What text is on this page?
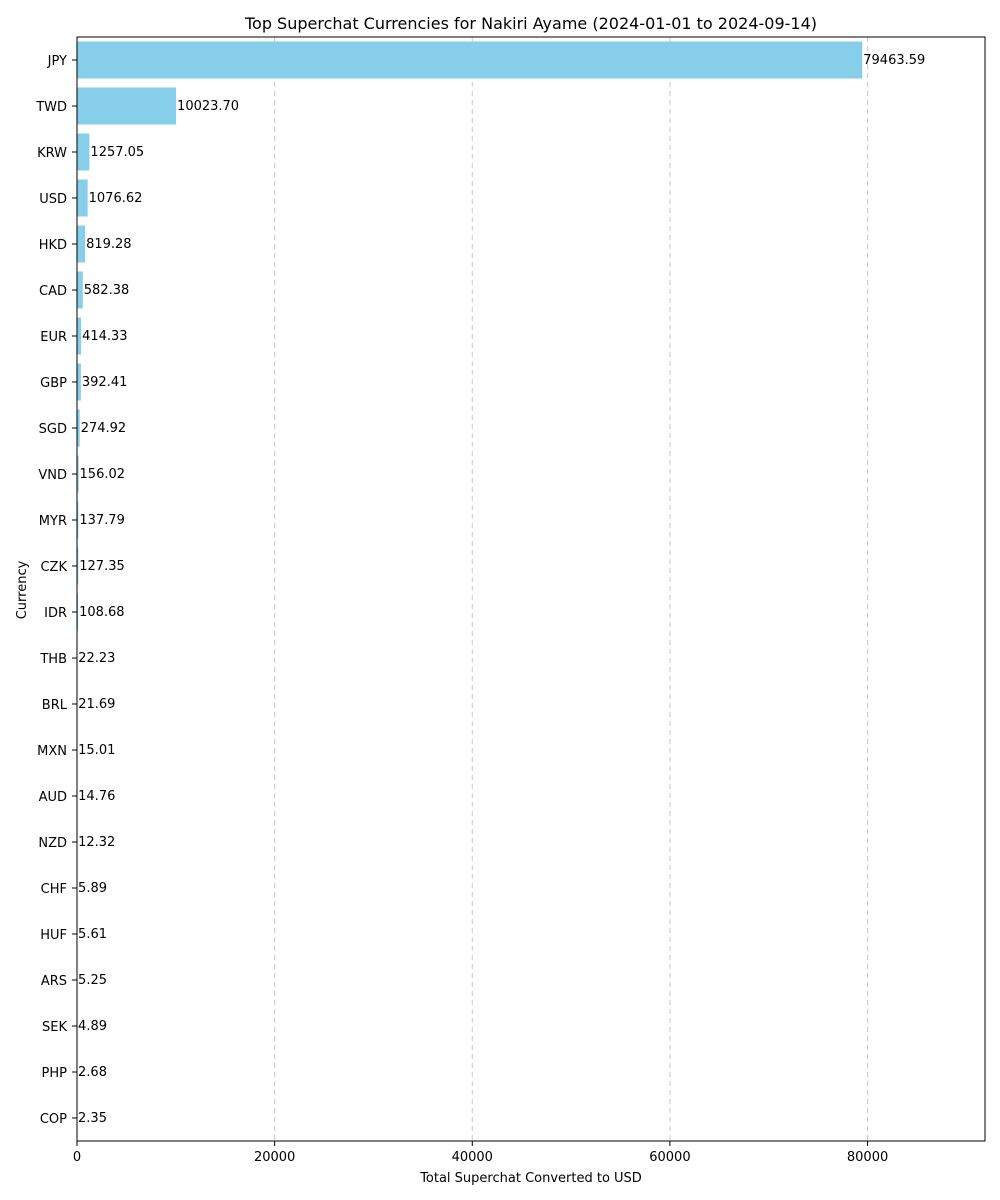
Top Superchat Currencies for Nakiri Ayame (2024-01-01 to 2024-09-14)
79463.59
10023.70
1257.05
1076.62
819.28
582.38
414.33
392.41
274.92
156.02
137.79
127.35
108.68
22.23
21.69
15.01
14.76
12.32
5.89
5.61
5.25
4.89
2.68
2.35
JPY
TWD
KRW
USD
HKD
CAD
EUR
GBP
SGD
VND
MYR
CZK
IDR
THB
BRL
MXN
AUD
NZD
CHF
HUF
ARS
SEK
PHP
COP
0	20000	40000	60000	80000
Total Superchat Converted to USD
Currency
